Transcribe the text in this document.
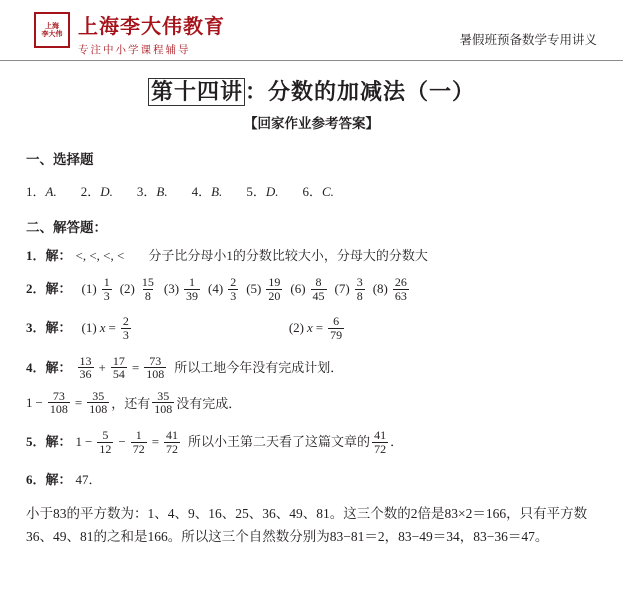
上海
李大伟 上海李大伟教育
专注中小学课程辅导
暑假班预备数学专用讲义
第十四讲：分数的加减法（一）
【回家作业参考答案】
一、选择题
1．A. 2．D. 3．B. 4．B. 5．D. 6．C.
二、解答题：
1．解： <, <, <, < 分子比分母小1的分数比较大小，分母大的分数大
2．解： $(1) \frac{1}{3} (2) \frac{15}{8} (3) \frac{1}{39} (4) \frac{2}{3} (5) \frac{19}{20} (6) \frac{8}{45} (7) \frac{3}{8} (8) \frac{26}{63}$
3．解： (1) $x = \frac{2}{3}$	(2) $x = \frac{6}{79}$
4．解： $\frac{13}{36} + \frac{17}{54} = \frac{73}{108}$ 所以工地今年没有完成计划．
$1 - \frac{73}{108} = \frac{35}{108}$ ，还有 $\frac{35}{108}$ 没有完成．
5．解： $1 - \frac{5}{12} - \frac{1}{72} = \frac{41}{72}$ 所以小王第二天看了这篇文章的 $\frac{41}{72}$ ．
6．解： 47．
小于83的平方数为：1、4、9、16、25、36、49、81。这三个数的2倍是83×2＝166，只有平方数36、49、81的之和是166。所以这三个自然数分别为83−81＝2，83−49＝34，83−36＝47。
